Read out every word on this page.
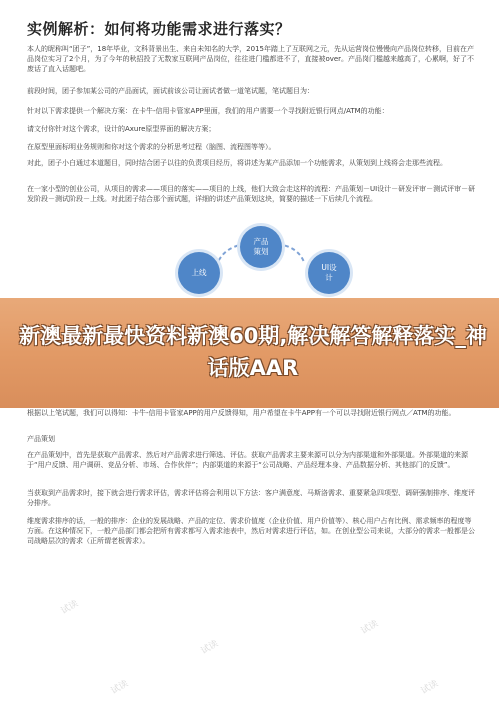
实例解析：如何将功能需求进行落实？
本人的昵称叫“团子”，18年毕业，文科背景出生、来自未知名的大学，2015年踏上了互联网之元，先从运营岗位慢慢向产品岗位转移，目前在产品岗位实习了2个月，为了今年的秋招投了无数家互联网产品岗位，往往进门槛都进不了，直接被over。产品岗门槛越来越高了，心累啊，好了不废话了直入话题吧。
前段时间，团子参加某公司的产品面试，面试前该公司让面试者做一道笔试题，笔试题目为：
针对以下需求提供一个解决方案：在卡牛-信用卡管家APP里面，我们的用户需要一个寻找附近银行网点/ATM的功能：
请文付你针对这个需求，设计的Axure原型界面的解决方案；
在原型里面标明业务规则和你对这个需求的分析思考过程（脑图、流程图等等）。
对此，团子小白通过本道题目，同时结合团子以往的负责项目经历，将讲述为某产品添加一个功能需求，从策划到上线将会走那些流程。
在一家小型的创业公司，从项目的需求——项目的落实——项目的上线，他们大致会走这样的流程：产品策划－UI设计－研发评审－测试评审－研发阶段－测试阶段－上线。对此团子结合那个面试题，详细的讲述产品策划这块，简要的描述一下后续几个流程。
产品
策划
上线
UI设
计
根据以上笔试题，我们可以得知：卡牛-信用卡管家APP的用户反馈得知，用户希望在卡牛APP有一个可以寻找附近银行网点／ATM的功能。
产品策划
在产品策划中，首先是获取产品需求、然后对产品需求进行筛选、评估。获取产品需求主要来源可以分为内部渠道和外部渠道。外部渠道的来源于“用户反馈、用户调研、竞品分析、市场、合作伙伴”；内部渠道的来源于“公司战略、产品经理本身、产品数据分析、其他部门的反馈”。
当获取到产品需求时，接下就会进行需求评估，需求评估将会利用以下方法：客户满意度、马斯洛需求、重要紧急四项型、调研强制排序、维度评分排序。
维度需求排序的话，一般的排序：企业的发展战略、产品的定位、需求价值度（企业价值、用户价值等）、核心用户占有比例、需求频率的程度等方面。在这种情况下，一般产品部门都会把所有需求都写入需求池表中，然后对需求进行评估，如。在创业型公司来说，大部分的需求一般都是公司战略层次的需求（正所谓老板需求）。
试读
试读
试读
试读	试读
新澳最新最快资料新澳60期,解决解答解释落实_神话版AAR
